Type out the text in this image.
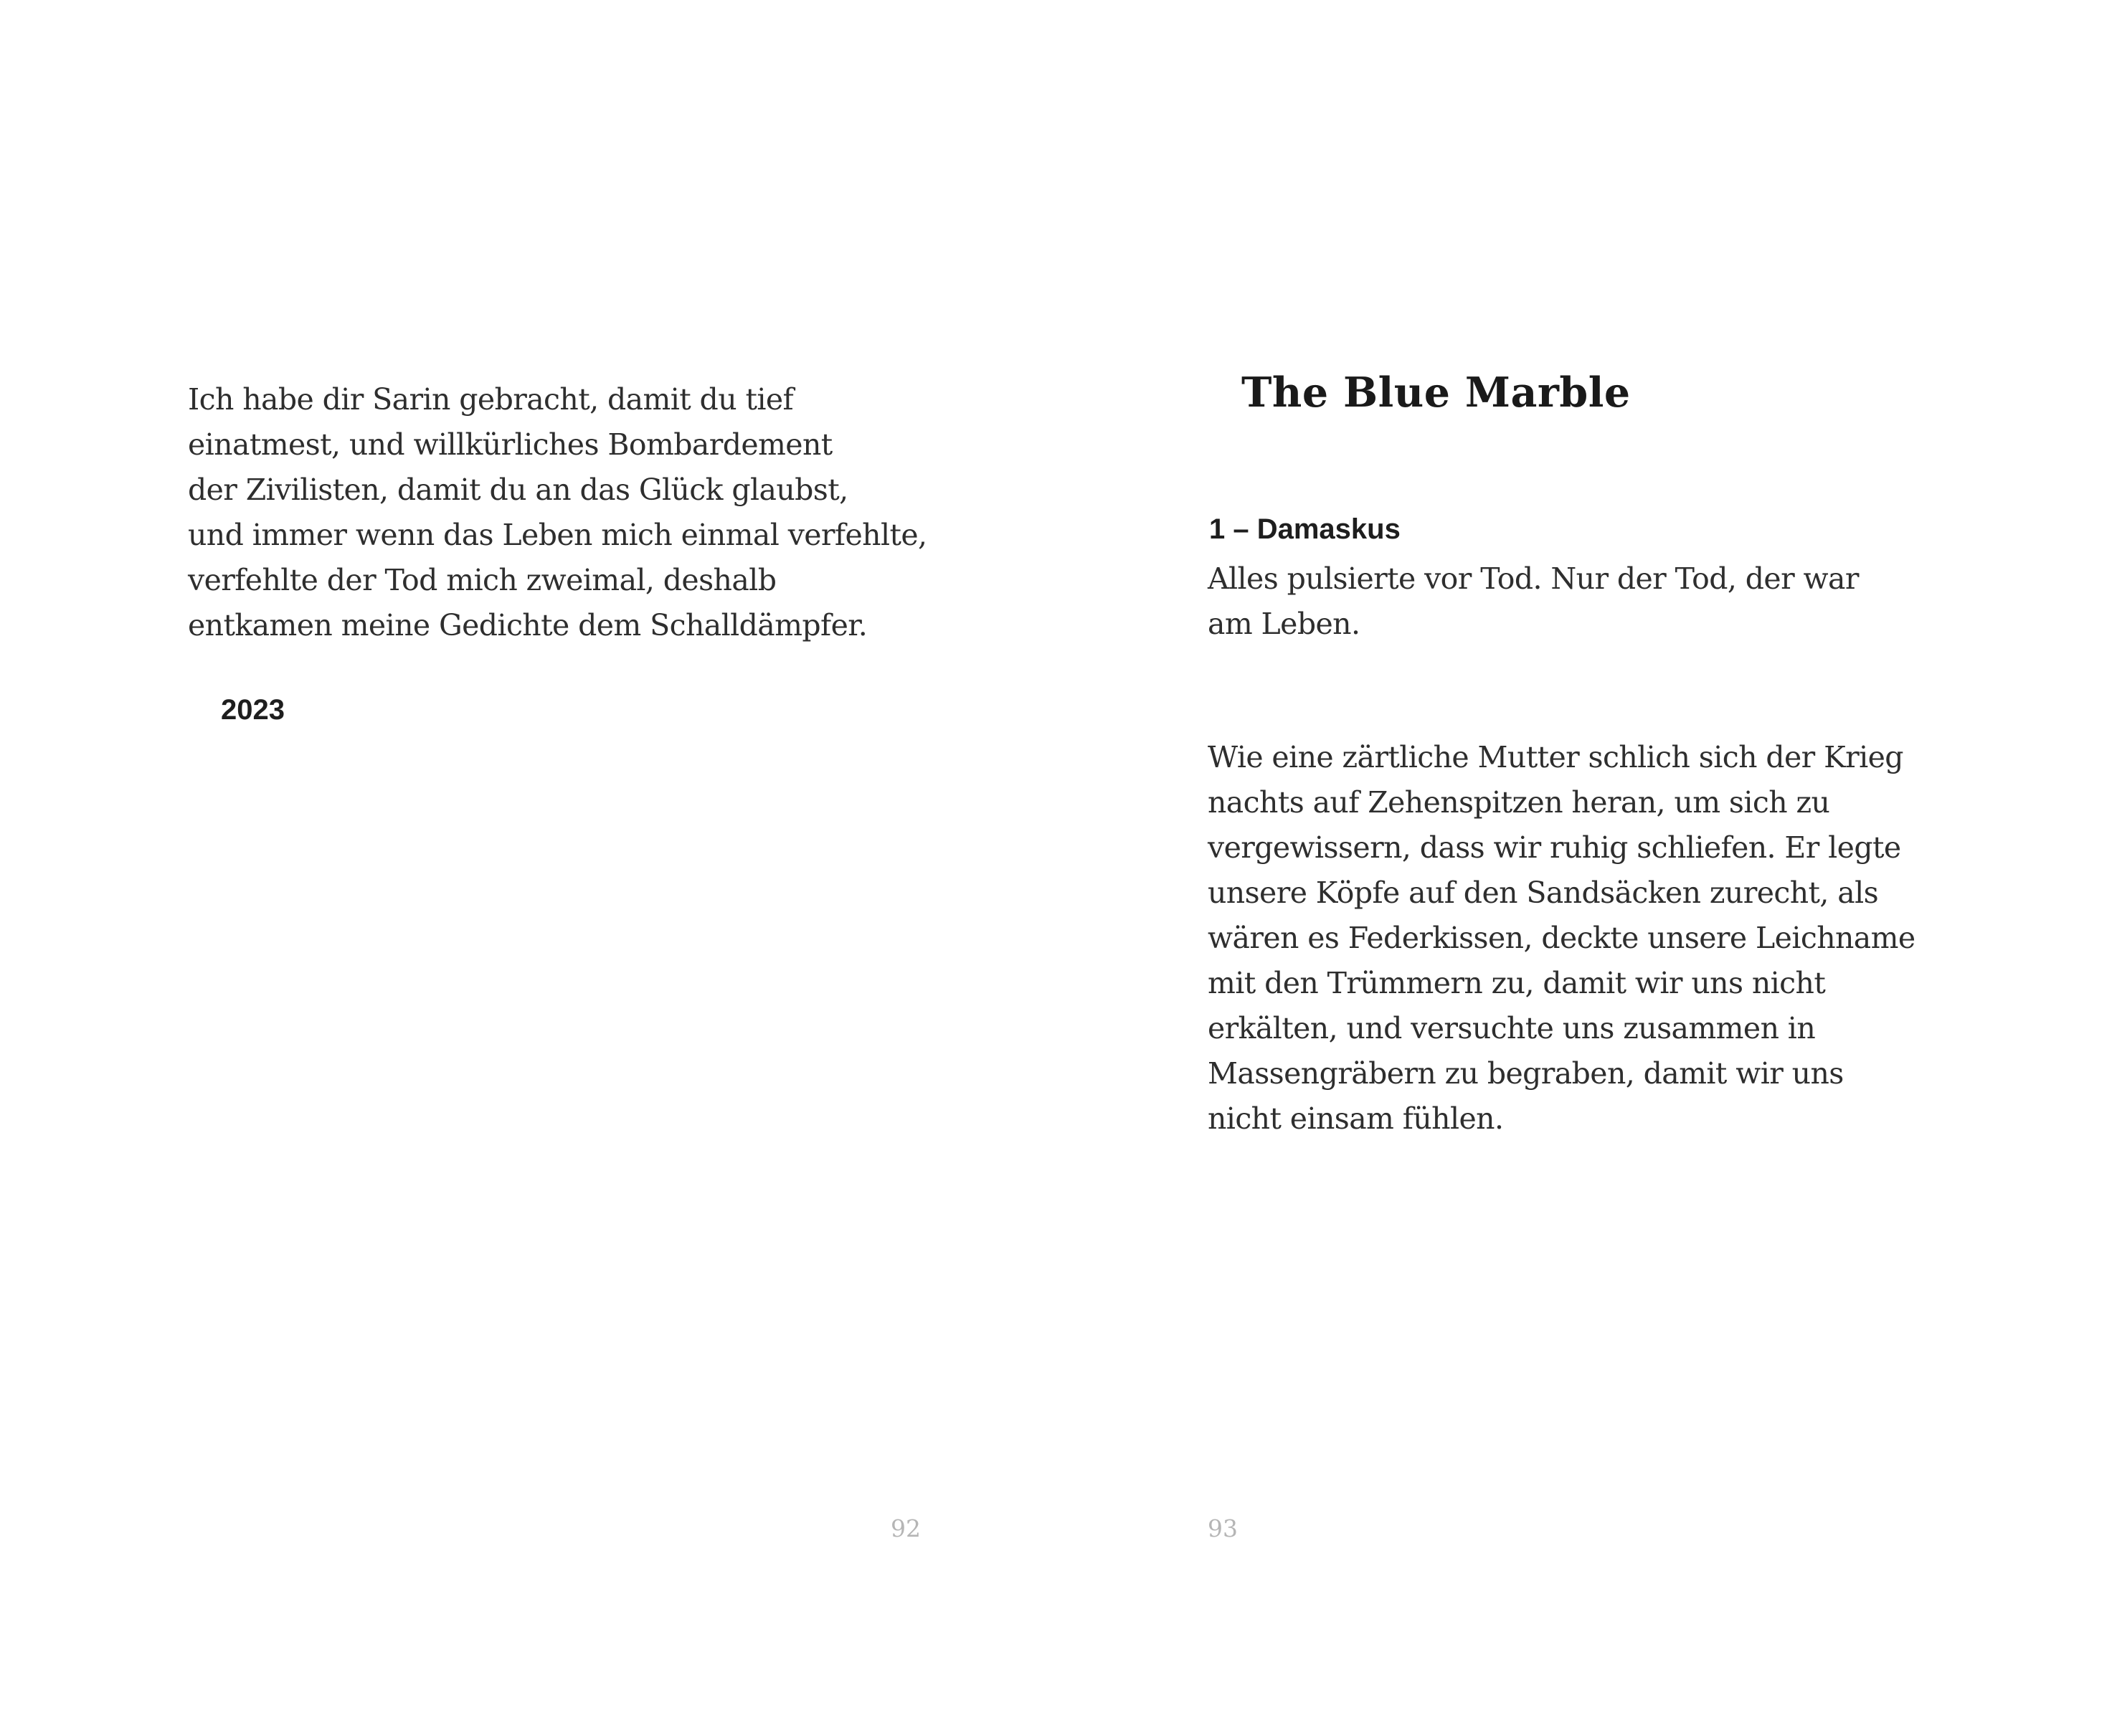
Ich habe dir Sarin gebracht, damit du tief
einatmest, und willkürliches Bombardement
der Zivilisten, damit du an das Glück glaubst,
und immer wenn das Leben mich einmal verfehlte,
verfehlte der Tod mich zweimal, deshalb
entkamen meine Gedichte dem Schalldämpfer.

2023

92

The Blue Marble
1 – Damaskus
Alles pulsierte vor Tod. Nur der Tod, der war
am Leben.
Wie eine zärtliche Mutter schlich sich der Krieg
nachts auf Zehenspitzen heran, um sich zu
vergewissern, dass wir ruhig schliefen. Er legte
unsere Köpfe auf den Sandsäcken zurecht, als
wären es Federkissen, deckte unsere Leichname
mit den Trümmern zu, damit wir uns nicht
erkälten, und versuchte uns zusammen in
Massengräbern zu begraben, damit wir uns
nicht einsam fühlen.

93
